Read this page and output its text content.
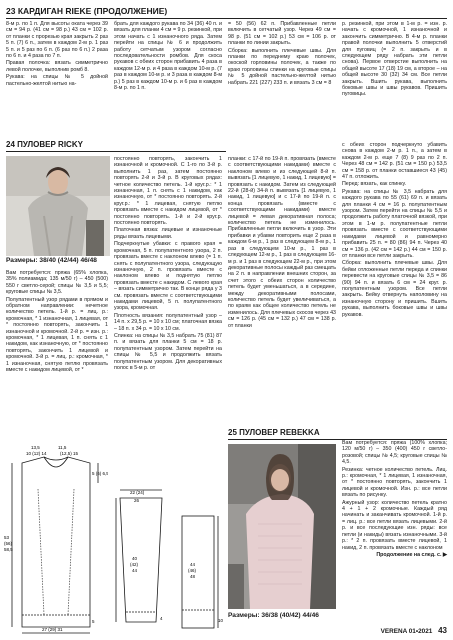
23 КАРДИГАН RIEKE (ПРОДОЛЖЕНИЕ)

8-м р. по 1 п. Для высоты оката через 39 см = 94 р. (41 см = 98 р.) 43 см = 102 р. от планки с прорезью края закрыть 2 раз 5 п. (7) 6 п., затем в каждом 2-м р. 1 раз 5 п. и 5 раз по 6 п. (6 раз по 6 п.) 2 раза по 6 п. и 4 раза по 7 п.

Правая полочка: вязать симметрично левой полочке, выполнив ромб 8.

Рукава: на спицы № 5 дойной пастельно-желтой нитью на-

брать для каждого рукава по 34 (36) 40 п. и вязать для планки 4 см = 9 р. резинкой, при этом начать с 1 изнаночного ряда. Затем перейти на спицы № 6 и продолжить работу сетчатым узором согласно последовательности ромбов. Для скоса рукавов с обеих сторон прибавить 4 раза в каждом 12-м р. и 4 раза в каждом 10-м р. (7 раз в каждом 10-м р. и 3 раза в каждом 8-м р.) 5 раз в каждом 10-м р. и 6 раз в каждом 8-м р. по 1 п.

= 50 (56) 62 п. Прибавленные петли включить в сетчатый узор. Через 49 см = 98 р. (51 см = 102 р.) 53 см = 106 р. от планки по линии закрыть.

Сборка: выполнить плечевые швы. Для планки по переднему краю полочек, окоской горловины полочек, а также по краю горловины спинки на круговые спицы № 5 дойной пастельно-желтой нитью набрать 221 (227) 233 п. и вязать 3 см = 8

р. резинкой, при этом в 1-м р. = изн. р. начать с кромочной, 1 изнаночной и закончить симметрично. В 4-м р. планки правой полочки выполнить 5 отверстий для пуговиц (= 2 п. закрыть и в следующем ряду набрать эти петли снова). Первое отверстие выполнить на общей высоте 17 (18) 19 см, а второе – на общей высоте 30 (32) 34 см. Все петли закрыть. Вшить рукава, выполнить боковые швы и швы рукавов. Пришить пуговицы.

24 ПУЛОВЕР RICKY
Размеры: 38/40 (42/44) 46/48

Вам потребуется: пряжа (65% хлопка, 35% полиамида; 135 м/50 г) – 450 (500) 550 г светло-серой; спицы № 3,5 и 5,5; круговые спицы № 3,5.

Полупатентный узор рядами в прямом и обратном направлении: нечетное количество петель. 1-й р. = лиц. р.: кромочная, * 1 изнаночная, 1 лицевая, от * постоянно повторять, закончить 1 изнаночной и кромочной. 2-й р. = изн. р.: кромочная, * 1 лицевая, 1 п. снять с 1 накидом, как изнаночную, от * постоянно повторять, закончить 1 лицевой и кромочной. 3-й р. = лиц. р.: кромочная, * 1 изнаночная, снятую петлю провязать вместе с накидом лицевой, от *

постоянно повторять, закончить 1 изнаночной и кромочной. С 1-го по 3-й р. выполнить 1 раз, затем постоянно повторять 2-й и 3-й р. В круговых рядах: четное количество петель. 1-й круг.р.: * 1 изнаночная, 1 п. снять с 1 накидом, как изнаночную, от * постоянно повторять. 2-й круг.р.: * 1 лицевая, снятую петлю провязать вместе с накидом лицевой, от * постоянно повторять. 1-й и 2-й круг.р. постоянно повторять.

Платочная вязка: лицевые и изнаночные ряды вязать лицевыми.

Подчеркнутые убавки: с правого края = кромочная, 5 п. полупатентного узора, 2 п. провязать вместе с наклоном влево (= 1 п. снять с полупатентного узора, следующую изнаночную, 2 п. провязать вместе с наклоном влево и поднятую петлю провязать вместе с накидом. С левого края – вязать симметрично так. В конце ряда у 3 см. провязать вместе с соответствующими накидами лицевой, 5 п. полупатентного узора, кромочная.

Плотность вязания: полупатентный узор – 14 п. x 29,5 р. = 10 x 10 см; платочная вязка – 18 п. x 34 р. = 10 x 10 см.

Спинка: на спицы № 3,5 набрать 75 (81) 87 п. и вязать для планки 5 см = 18 р. полупатентным узором. Затем перейти на спицы № 5,5 и продолжить вязать полупатентным узором. Для декоративных полос в 5-м р. от

планки: с 17-й по 19-й п. провязать (вместе с соответствующими накидами) вместе с наклоном влево и из следующей 8-й п. вывязать [1 лицевую, 1 накид, 1 лицевую] = провязать с накидом. Затем из следующей 22-й (28-й) 34-й п. вывязать [1 лицевую, 1 накид, 1 лицевую] и с 17-й по 19-й п. с конца провязать (вместе с соответствующими накидами) вместе лицевой = левая декоративная полоса; количество петель не изменилось. Прибавленные петли включить в узор. Эти прибавки и убавки повторить еще 2 раза в каждом 6-м р., 1 раз в следующем 8-м р., 1 раз в следующем 10-м р., 1 раз в следующем 12-м р., 1 раз в следующем 16-м р. и 1 раз в следующем 22-м р., при этом декоративные полосы каждый раз смещать на 2 п. в направлении внешних сторон, за счет этого с обеих сторон количество петель будет уменьшаться, а в середине, между декоративными полосами, количество петель будет увеличиваться, а по краям как общее количество петель не изменилось. Для плечевых скосов через 43 см = 126 р. (45 см = 132 р.) 47 см = 138 р. от планки

с обеих сторон подчеркнуто убавить снова в каждом 2-м р. 1 п., а затем в каждом 2-м р. еще 7 (8) 9 раз по 2 п. Через 48 см = 142 р. (51 см = 150 р.) 53,5 см = 158 р. от планки оставшиеся 43 (45) 47 п. отложить.

Перед: вязать, как спинку.

Рукава: на спицы № 3,5 набрать для каждого рукава по 55 (61) 69 п. и вязать для планки 4 см = 16 р. полупатентным узором. Затем перейти на спицы № 5,5 и продолжить работу платочной вязкой, при этом в 1-м р. полупатентные петли провязать вместе с соответствующими накидами лицевой и равномерно прибавить 25 п. = 80 (86) 94 п. Через 40 см = 136 р. (42 см = 142 р.) 44 см = 150 р. от планки все петли закрыть.

Сборка: выполнить плечевые швы. Для бейки отложенные петли переда и спинки перевести на круговые спицы № 3,5 = 86 (90) 94 п. и вязать 6 см = 24 круг. р. полупатентным узором. Все петли закрыть. Бейку отвернуть наполовину на изнаночную сторону и пришить. Вшить рукава, выполнить боковые швы и швы рукавов.

13,5	11,5
10 (12) 14	(12,5) 15
5 (6) 6,5
53
(56)
58,5
27 (29) 31
5
22 (24)
26
40
(42)
44
4
44
(46)
48
10
25 ПУЛОВЕР REBEKKA
Размеры: 36/38 (40/42) 44/46

Вам потребуется: пряжа (100% хлопка; 120 м/50 г) – 350 (400) 450 г светло-розовой; спицы № 4,5; круговые спицы № 4,5.

Резинка: четное количество петель. Лиц. р.: кромочная, * 1 лицевая, 1 изнаночная, от * постоянно повторять, закончить 1 лицевой и кромочной. Изн. р.: все петли вязать по рисунку.

Ажурный узор: количество петель кратно 4 + 1 + 2 кромочные. Каждый ряд начинать и заканчивать кромочной. 1-й р. = лиц. р.: все петли вязать лицевыми. 2-й р. и все последующие изн. ряды: все петли (и накиды) вязать изнаночными. 3-й р.: * 2 п. провязать вместе лицевой, 1 накид, 2 п. провязать вместе с наклоном

Продолжение на след. с. ▶

VERENA 01•2021 43
